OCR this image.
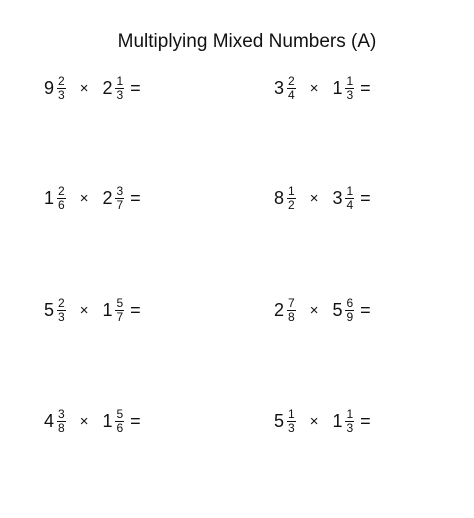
Multiplying Mixed Numbers (A)
$9 \frac{2}{3} \times 2 \frac{1}{3}$ =	$3 \frac{2}{4} \times 1 \frac{1}{3}$ =
$1 \frac{2}{6} \times 2 \frac{3}{7}$ =	$8 \frac{1}{2} \times 3 \frac{1}{4}$ =
$5 \frac{2}{3} \times 1 \frac{5}{7}$ =	$2 \frac{7}{8} \times 5 \frac{6}{9}$ =
$4 \frac{3}{8} \times 1 \frac{5}{6}$ =	$5 \frac{1}{3} \times 1 \frac{1}{3}$ =
